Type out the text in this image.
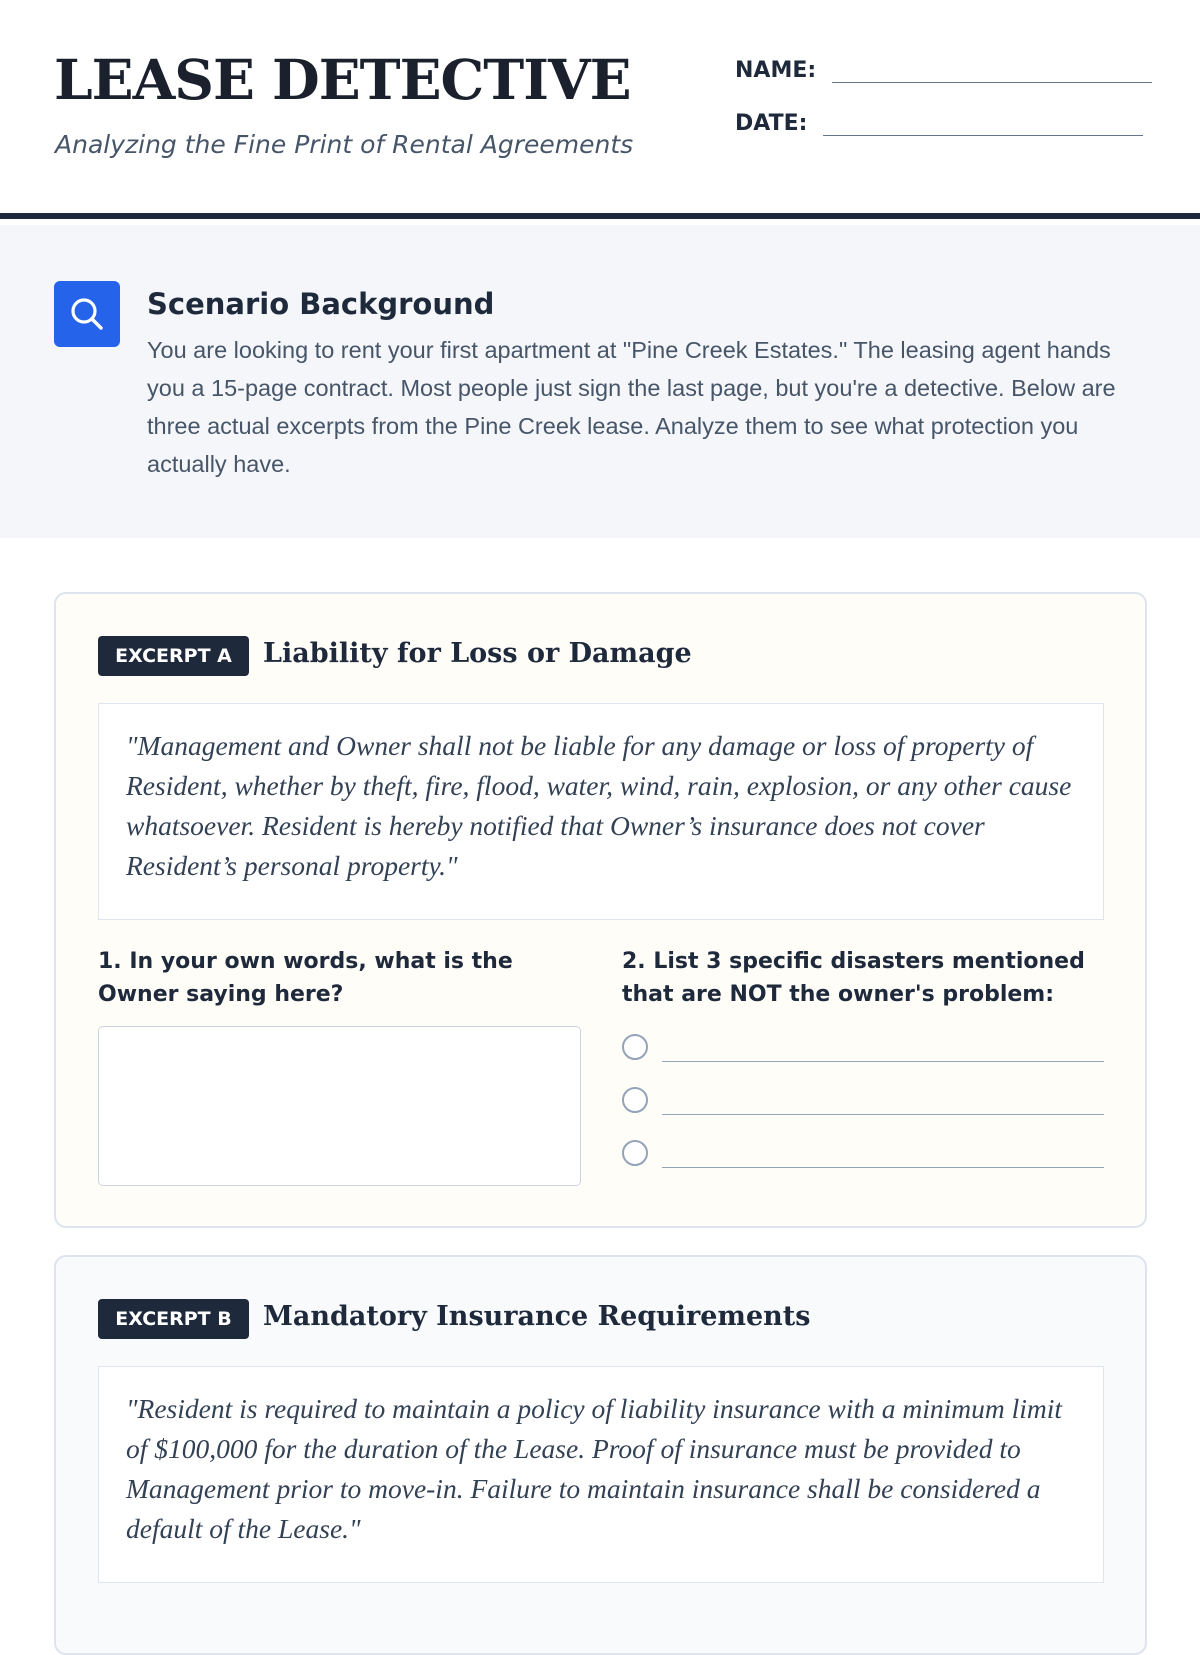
LEASE DETECTIVE
Analyzing the Fine Print of Rental Agreements
NAME:
DATE:
Scenario Background

You are looking to rent your first apartment at "Pine Creek Estates." The leasing agent hands you a 15-page contract. Most people just sign the last page, but you're a detective. Below are three actual excerpts from the Pine Creek lease. Analyze them to see what protection you actually have.

EXCERPT A	Liability for Loss or Damage
"Management and Owner shall not be liable for any damage or loss of property of Resident, whether by theft, fire, flood, water, wind, rain, explosion, or any other cause whatsoever. Resident is hereby notified that Owner’s insurance does not cover Resident’s personal property."
1. In your own words, what is the Owner saying here?
2. List 3 specific disasters mentioned that are NOT the owner's problem:
EXCERPT B	Mandatory Insurance Requirements
"Resident is required to maintain a policy of liability insurance with a minimum limit of $100,000 for the duration of the Lease. Proof of insurance must be provided to Management prior to move-in. Failure to maintain insurance shall be considered a default of the Lease."
